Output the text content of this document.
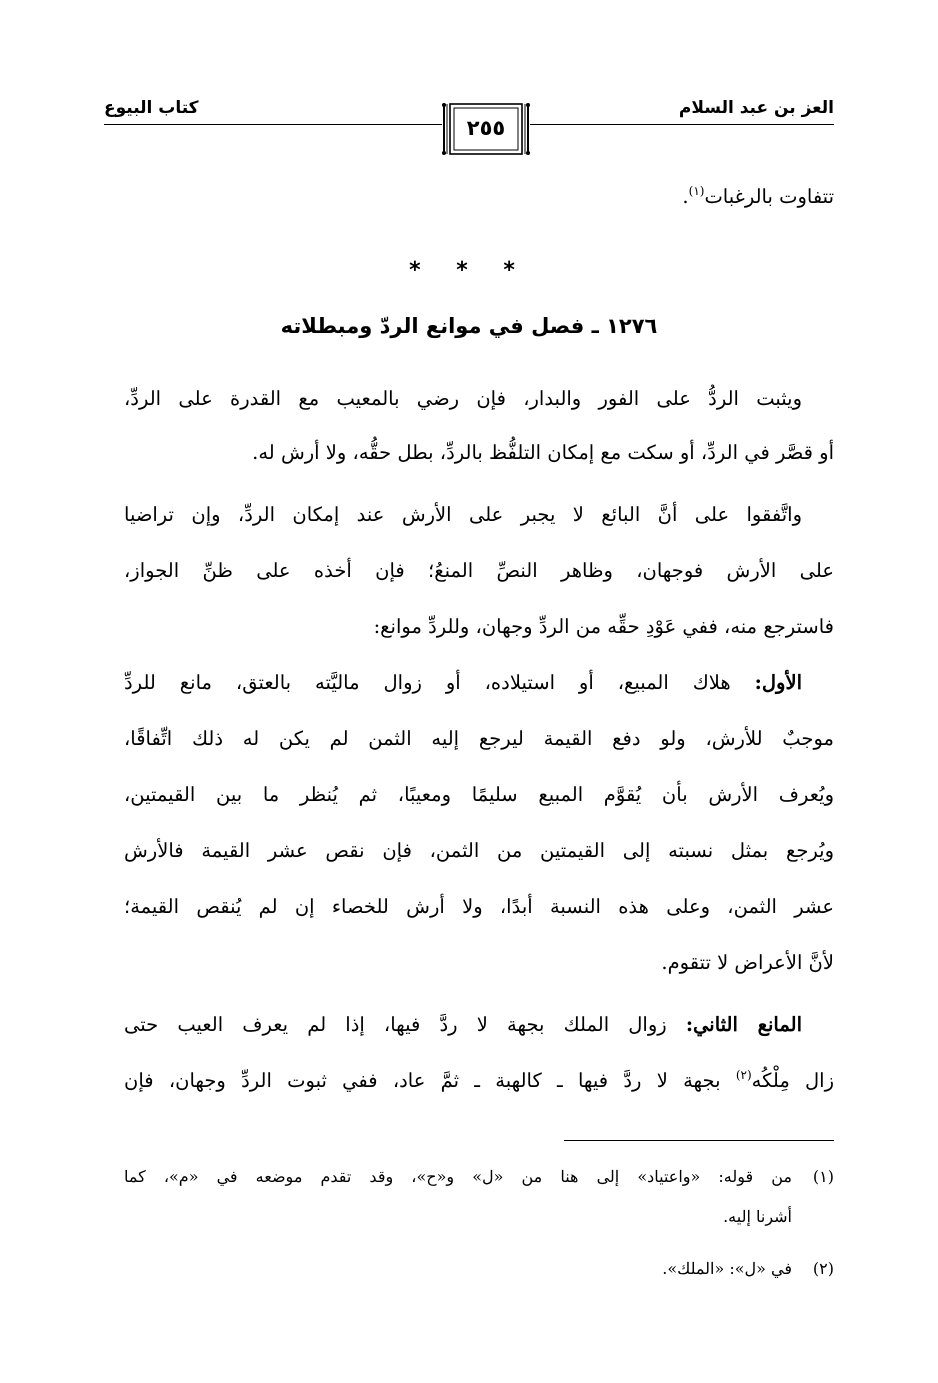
العز بن عبد السلام
كتاب البيوع
٢٥٥
تتفاوت بالرغبات$^{(١)}$.
* * *
١٢٧٦ ـ فصل في موانع الردّ ومبطلاته
ويثبت الردُّ على الفور والبدار، فإن رضي بالمعيب مع القدرة على الردِّ،
أو قصَّر في الردِّ، أو سكت مع إمكان التلفُّظ بالردِّ، بطل حقُّه، ولا أرش له.
واتَّفقوا على أنَّ البائع لا يجبر على الأرش عند إمكان الردِّ، وإن تراضيا
على الأرش فوجهان، وظاهر النصِّ المنعُ؛ فإن أخذه على ظنِّ الجواز،
فاسترجع منه، ففي عَوْدِ حقِّه من الردِّ وجهان، وللردِّ موانع:
الأول: هلاك المبيع، أو استيلاده، أو زوال ماليَّته بالعتق، مانع للردِّ
موجبٌ للأرش، ولو دفع القيمة ليرجع إليه الثمن لم يكن له ذلك اتِّفاقًا،
ويُعرف الأرش بأن يُقوَّم المبيع سليمًا ومعيبًا، ثم يُنظر ما بين القيمتين،
ويُرجع بمثل نسبته إلى القيمتين من الثمن، فإن نقص عشر القيمة فالأرش
عشر الثمن، وعلى هذه النسبة أبدًا، ولا أرش للخصاء إن لم يُنقص القيمة؛
لأنَّ الأعراض لا تتقوم.
المانع الثاني: زوال الملك بجهة لا ردَّ فيها، إذا لم يعرف العيب حتى
زال مِلْكُه$^{(٢)}$ بجهة لا ردَّ فيها ـ كالهبة ـ ثمَّ عاد، ففي ثبوت الردِّ وجهان، فإن
(١)من قوله: «واعتياد» إلى هنا من «ل» و«ح»، وقد تقدم موضعه في «م»، كما
أشرنا إليه.
(٢)في «ل»: «الملك».
